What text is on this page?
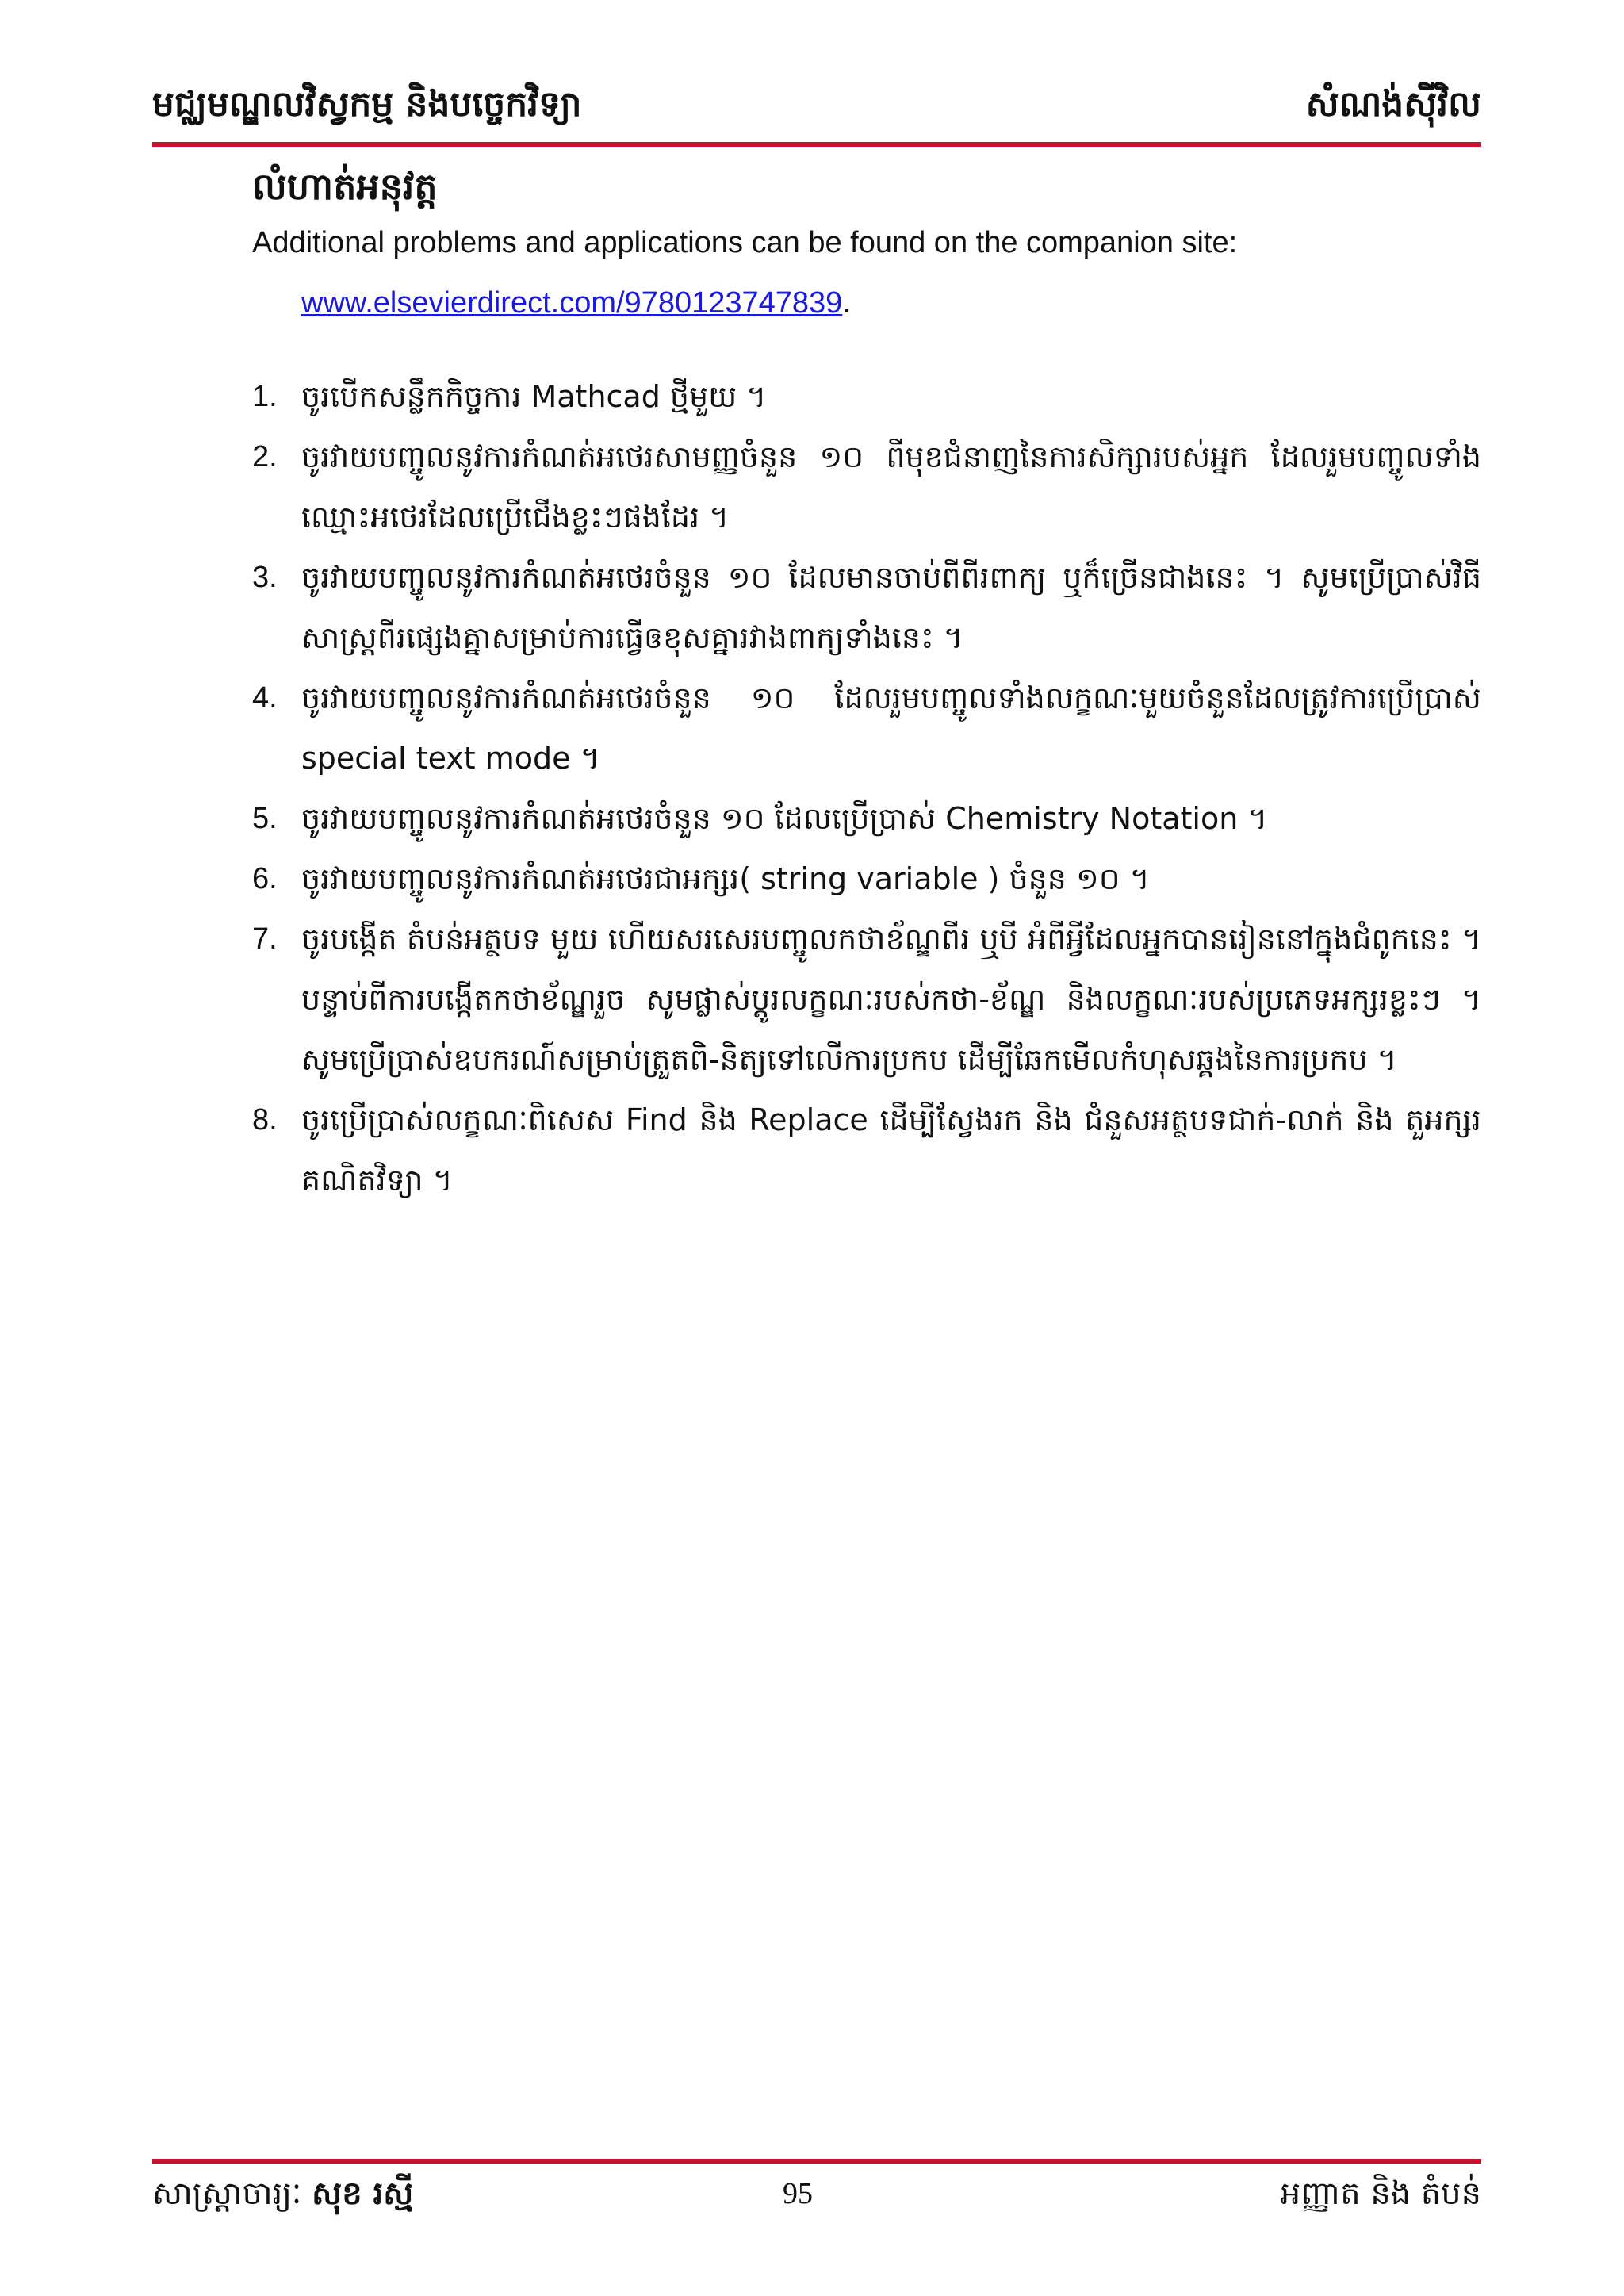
មជ្ឈមណ្ឌលវិស្វកម្ម និងបច្ចេកវិទ្យា	សំណង់ស៊ីវិល
លំហាត់អនុវត្ត

Additional problems and applications can be found on the companion site:

www.elsevierdirect.com/9780123747839.

1. ចូរបើកសន្លឹកកិច្ចការ Mathcad ថ្មីមួយ ។
2. ចូរវាយបញ្ចូលនូវការកំណត់អថេរសាមញ្ញចំនួន ១០ ពីមុខជំនាញនៃការសិក្សារបស់អ្នក ដែលរួមបញ្ចូលទាំងឈ្មោះអថេរដែលប្រើជើងខ្លះៗផងដែរ ។
3. ចូរវាយបញ្ចូលនូវការកំណត់អថេរចំនួន ១០ ដែលមានចាប់ពីពីរពាក្យ ឬក៏ច្រើនជាងនេះ ។ សូមប្រើប្រាស់វិធីសាស្ត្រពីរផ្សេងគ្នាសម្រាប់ការធ្វើឲខុសគ្នារវាងពាក្យទាំងនេះ ។
4. ចូរវាយបញ្ចូលនូវការកំណត់អថេរចំនួន ១០ ដែលរួមបញ្ចូលទាំងលក្ខណៈមួយចំនួនដែលត្រូវការប្រើប្រាស់ special text mode ។
5. ចូរវាយបញ្ចូលនូវការកំណត់អថេរចំនួន ១០ ដែលប្រើប្រាស់ Chemistry Notation ។
6. ចូរវាយបញ្ចូលនូវការកំណត់អថេរជាអក្សរ( string variable ) ចំនួន ១០ ។
7. ចូរបង្កើត តំបន់អត្ថបទ មួយ ហើយសរសេរបញ្ចូលកថាខ័ណ្ឌពីរ ឬបី អំពីអ្វីដែលអ្នកបានរៀននៅក្នុងជំពូកនេះ ។ បន្ទាប់ពីការបង្កើតកថាខ័ណ្ឌរួច សូមផ្លាស់ប្តូរលក្ខណៈរបស់កថា-ខ័ណ្ឌ និងលក្ខណៈរបស់ប្រភេទអក្សរខ្លះៗ ។ សូមប្រើប្រាស់ឧបករណ៍សម្រាប់ត្រួតពិ-និត្យទៅលើការប្រកប ដើម្បីឆែកមើលកំហុសឆ្គងនៃការប្រកប ។
8. ចូរប្រើប្រាស់លក្ខណៈពិសេស Find និង Replace ដើម្បីស្វែងរក និង ជំនួសអត្ថបទជាក់-លាក់ និង តួអក្សរគណិតវិទ្យា ។
សាស្ត្រាចារ្យៈ សុខ រស្មី	95	អញ្ញាត និង តំបន់
